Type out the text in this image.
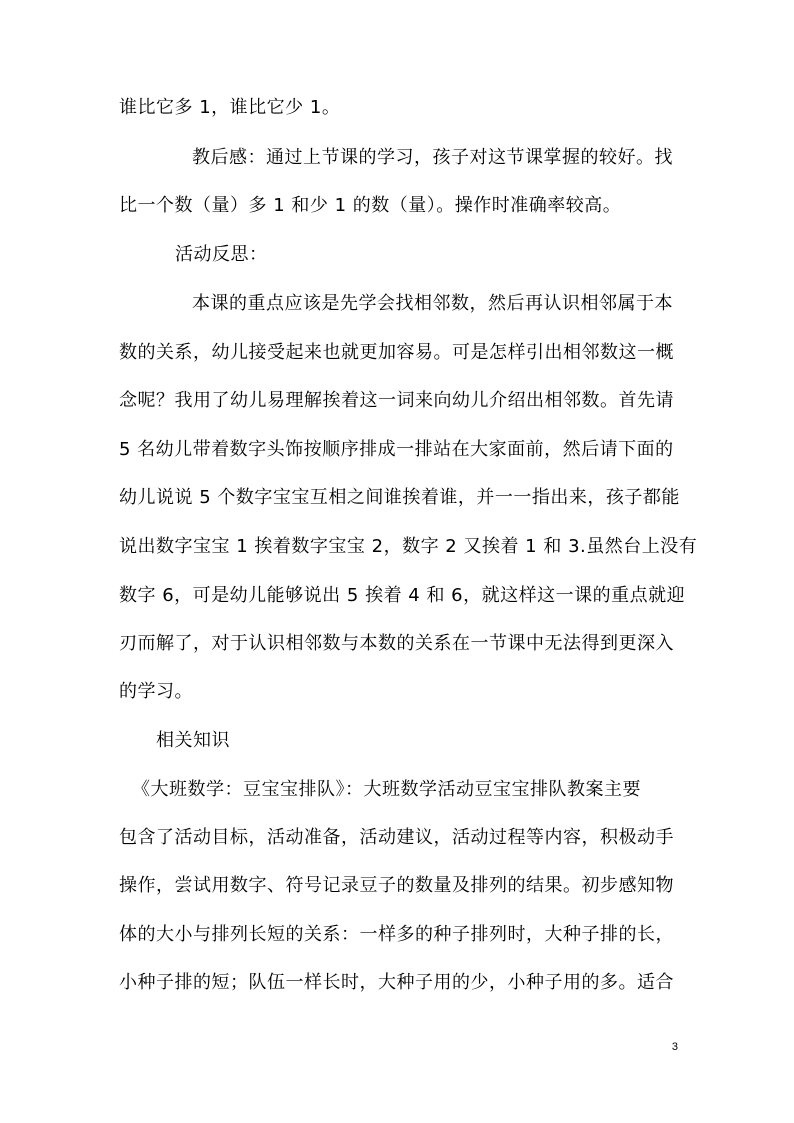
谁比它多 1，谁比它少 1。
教后感：通过上节课的学习，孩子对这节课掌握的较好。找
比一个数（量）多 1 和少 1 的数（量）。操作时准确率较高。
活动反思：
本课的重点应该是先学会找相邻数，然后再认识相邻属于本
数的关系，幼儿接受起来也就更加容易。可是怎样引出相邻数这一概
念呢？我用了幼儿易理解挨着这一词来向幼儿介绍出相邻数。首先请
5 名幼儿带着数字头饰按顺序排成一排站在大家面前，然后请下面的
幼儿说说 5 个数字宝宝互相之间谁挨着谁，并一一指出来，孩子都能
说出数字宝宝 1 挨着数字宝宝 2，数字 2 又挨着 1 和 3.虽然台上没有
数字 6，可是幼儿能够说出 5 挨着 4 和 6，就这样这一课的重点就迎
刃而解了，对于认识相邻数与本数的关系在一节课中无法得到更深入
的学习。
相关知识
《大班数学：豆宝宝排队》：大班数学活动豆宝宝排队教案主要
包含了活动目标，活动准备，活动建议，活动过程等内容，积极动手
操作，尝试用数字、符号记录豆子的数量及排列的结果。初步感知物
体的大小与排列长短的关系：一样多的种子排列时，大种子排的长，
小种子排的短；队伍一样长时，大种子用的少，小种子用的多。适合
3
